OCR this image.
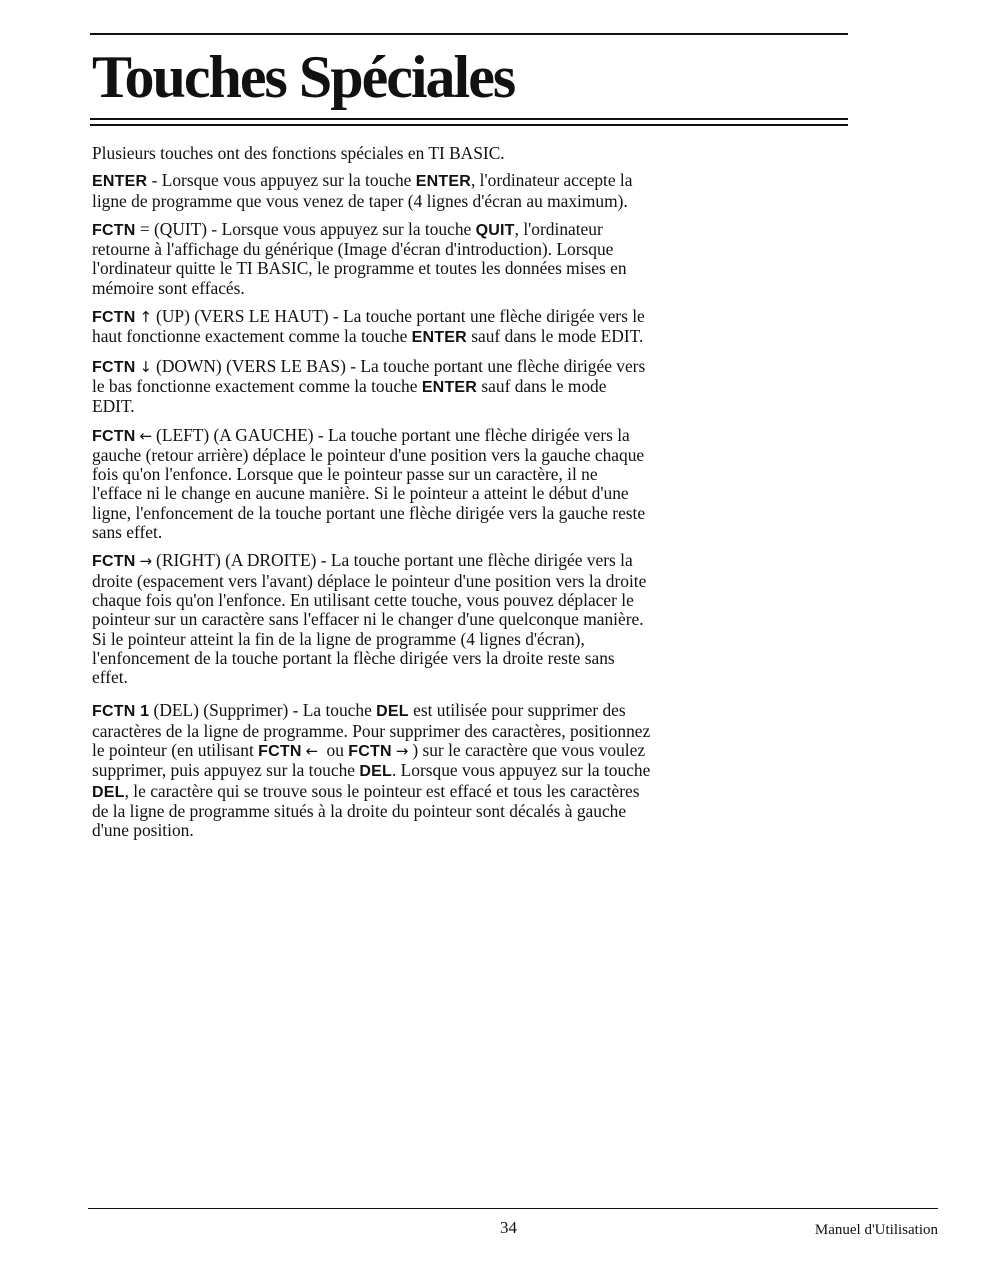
Touches Spéciales

Plusieurs touches ont des fonctions spéciales en TI BASIC.

ENTER - Lorsque vous appuyez sur la touche ENTER, l'ordinateur accepte la ligne de programme que vous venez de taper (4 lignes d'écran au maximum).

FCTN = (QUIT) - Lorsque vous appuyez sur la touche QUIT, l'ordinateur retourne à l'affichage du générique (Image d'écran d'introduction). Lorsque l'ordinateur quitte le TI BASIC, le programme et toutes les données mises en mémoire sont effacés.

FCTN ↑ (UP) (VERS LE HAUT) - La touche portant une flèche dirigée vers le haut fonctionne exactement comme la touche ENTER sauf dans le mode EDIT.

FCTN ↓ (DOWN) (VERS LE BAS) - La touche portant une flèche dirigée vers le bas fonctionne exactement comme la touche ENTER sauf dans le mode EDIT.

FCTN ← (LEFT) (A GAUCHE) - La touche portant une flèche dirigée vers la gauche (retour arrière) déplace le pointeur d'une position vers la gauche chaque fois qu'on l'enfonce. Lorsque que le pointeur passe sur un caractère, il ne l'efface ni le change en aucune manière. Si le pointeur a atteint le début d'une ligne, l'enfoncement de la touche portant une flèche dirigée vers la gauche reste sans effet.

FCTN → (RIGHT) (A DROITE) - La touche portant une flèche dirigée vers la droite (espacement vers l'avant) déplace le pointeur d'une position vers la droite chaque fois qu'on l'enfonce. En utilisant cette touche, vous pouvez déplacer le pointeur sur un caractère sans l'effacer ni le changer d'une quelconque manière. Si le pointeur atteint la fin de la ligne de programme (4 lignes d'écran), l'enfoncement de la touche portant la flèche dirigée vers la droite reste sans effet.

FCTN 1 (DEL) (Supprimer) - La touche DEL est utilisée pour supprimer des caractères de la ligne de programme. Pour supprimer des caractères, positionnez le pointeur (en utilisant FCTN ← ou FCTN → ) sur le caractère que vous voulez supprimer, puis appuyez sur la touche DEL. Lorsque vous appuyez sur la touche DEL, le caractère qui se trouve sous le pointeur est effacé et tous les caractères de la ligne de programme situés à la droite du pointeur sont décalés à gauche d'une position.

34	Manuel d'Utilisation
